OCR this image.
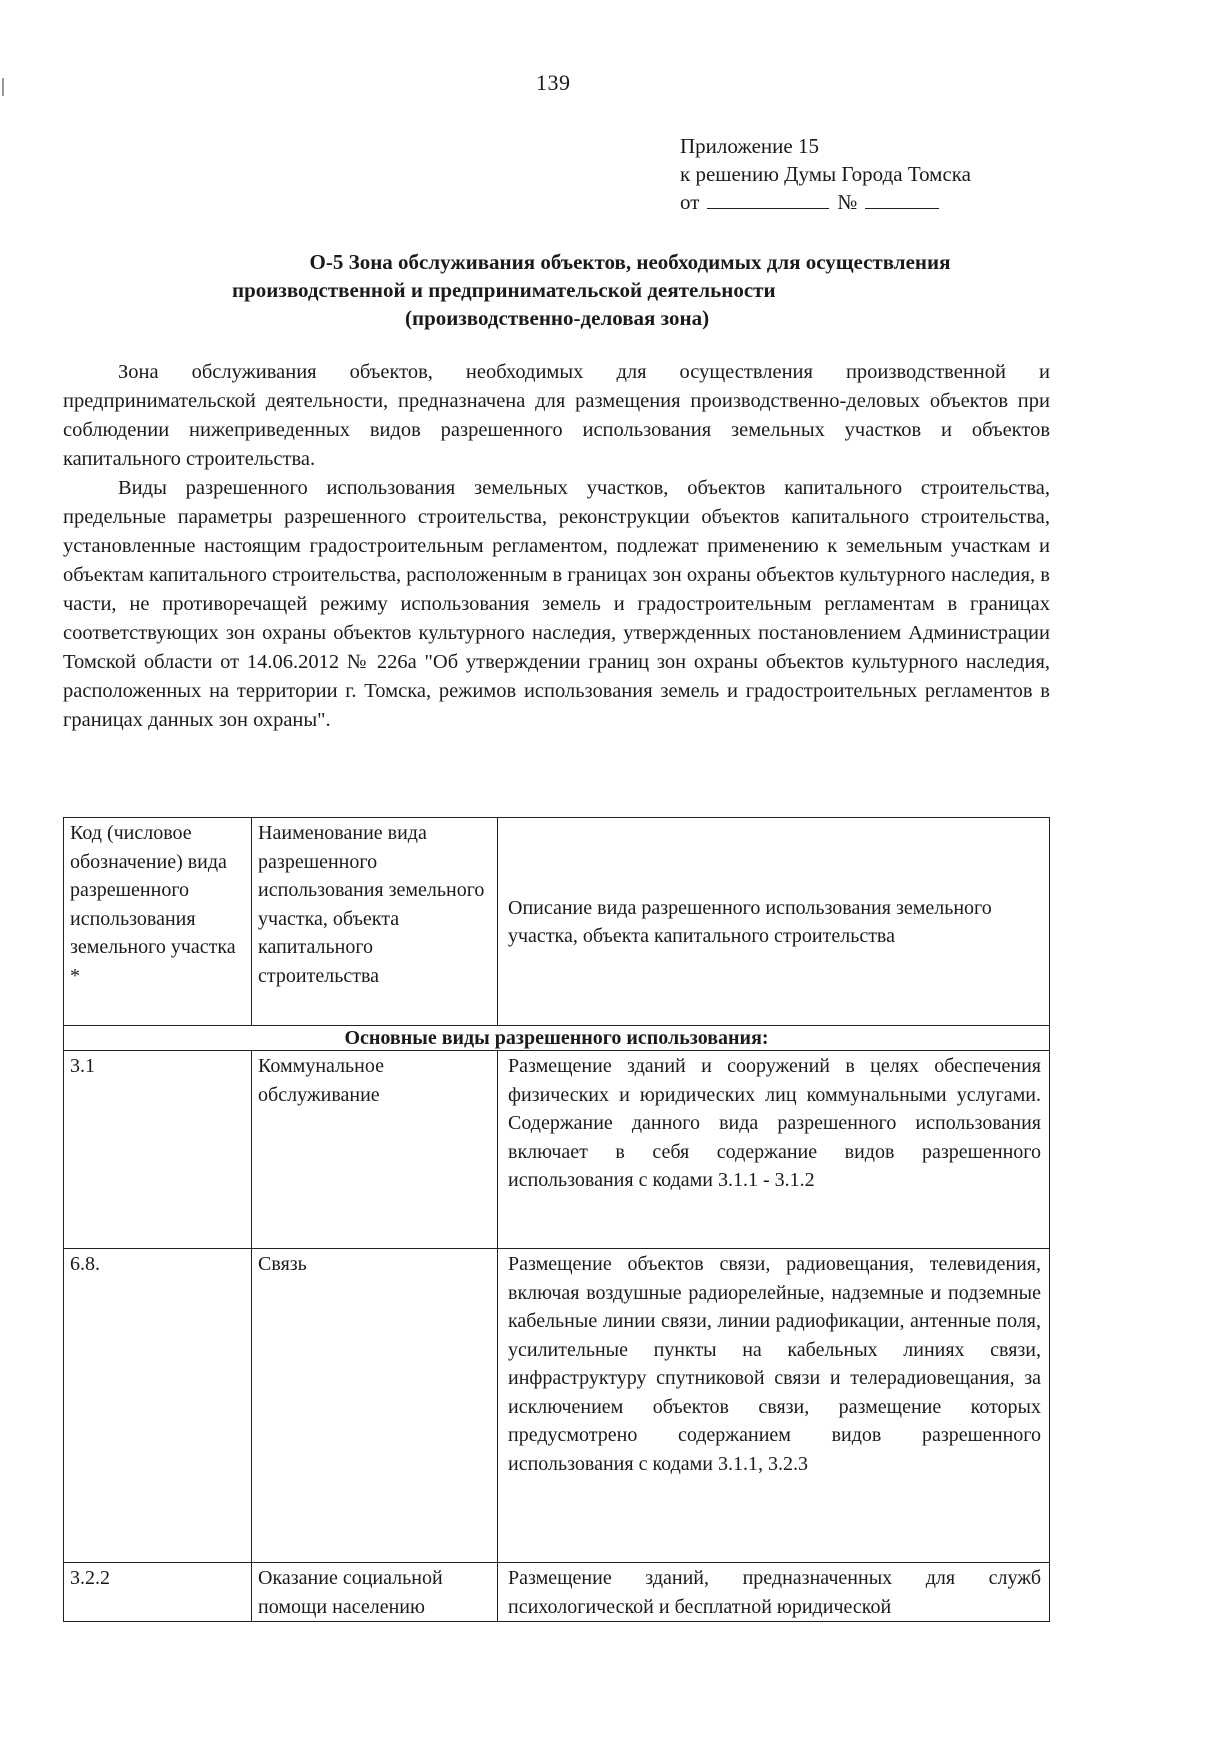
139
Приложение 15
к решению Думы Города Томска
от	№
О-5 Зона обслуживания объектов, необходимых для осуществления
производственной и предпринимательской деятельности
(производственно-деловая зона)
Зона обслуживания объектов, необходимых для осуществления производственной и предпринимательской деятельности, предназначена для размещения производственно-деловых объектов при соблюдении нижеприведенных видов разрешенного использования земельных участков и объектов капитального строительства.
Виды разрешенного использования земельных участков, объектов капитального строительства, предельные параметры разрешенного строительства, реконструкции объектов капитального строительства, установленные настоящим градостроительным регламентом, подлежат применению к земельным участкам и объектам капитального строительства, расположенным в границах зон охраны объектов культурного наследия, в части, не противоречащей режиму использования земель и градостроительным регламентам в границах соответствующих зон охраны объектов культурного наследия, утвержденных постановлением Администрации Томской области от 14.06.2012 № 226а "Об утверждении границ зон охраны объектов культурного наследия, расположенных на территории г. Томска, режимов использования земель и градостроительных регламентов в границах данных зон охраны".
Код (числовое обозначение) вида разрешенного использования земельного участка *	Наименование вида разрешенного использования земельного участка, объекта капитального строительства	Описание вида разрешенного использования земельного участка, объекта капитального строительства
Основные виды разрешенного использования:		
3.1	Коммунальное обслуживание	Размещение зданий и сооружений в целях обеспечения физических и юридических лиц коммунальными услугами. Содержание данного вида разрешенного использования включает в себя содержание видов разрешенного использования с кодами 3.1.1 - 3.1.2
6.8.	Связь	Размещение объектов связи, радиовещания, телевидения, включая воздушные радиорелейные, надземные и подземные кабельные линии связи, линии радиофикации, антенные поля, усилительные пункты на кабельных линиях связи, инфраструктуру спутниковой связи и телерадиовещания, за исключением объектов связи, размещение которых предусмотрено содержанием видов разрешенного использования с кодами 3.1.1, 3.2.3
3.2.2	Оказание социальной помощи населению	Размещение зданий, предназначенных для служб психологической и бесплатной юридической
